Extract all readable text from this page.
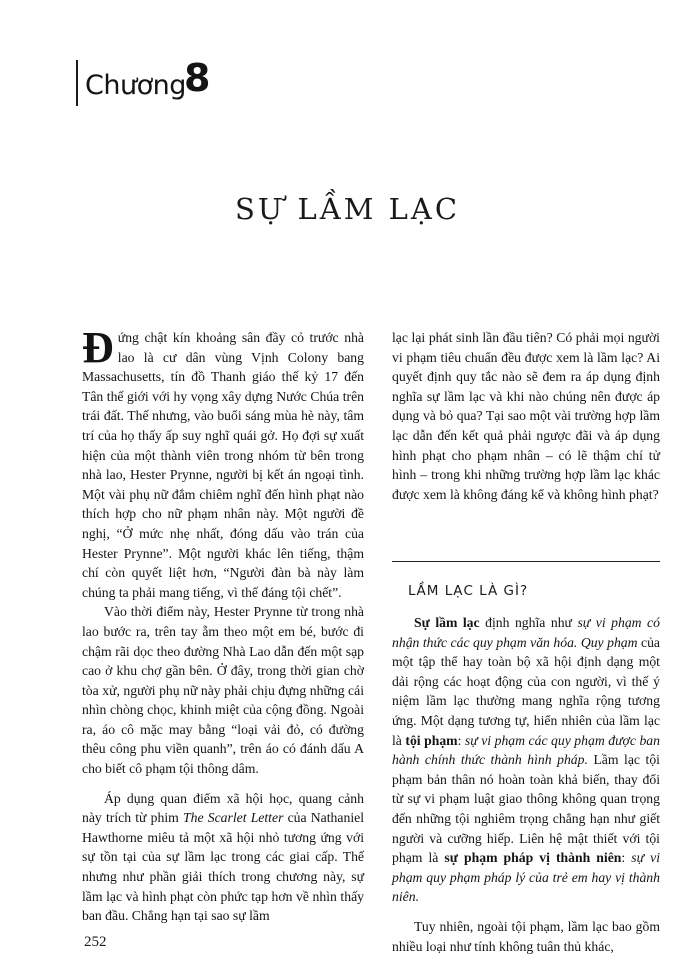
Chương
8
SỰ LẦM LẠC

Đứng chật kín khoảng sân đầy cỏ trước nhà lao là cư dân vùng Vịnh Colony bang Massachusetts, tín đồ Thanh giáo thế kỷ 17 đến Tân thế giới với hy vọng xây dựng Nước Chúa trên trái đất. Thế nhưng, vào buổi sáng mùa hè này, tâm trí của họ thấy ấp suy nghĩ quái gở. Họ đợi sự xuất hiện của một thành viên trong nhóm từ bên trong nhà lao, Hester Prynne, người bị kết án ngoại tình. Một vài phụ nữ đắm chiêm nghĩ đến hình phạt nào thích hợp cho nữ phạm nhân này. Một người đề nghị, “Ở mức nhẹ nhất, đóng dấu vào trán của Hester Prynne”. Một người khác lên tiếng, thậm chí còn quyết liệt hơn, “Người đàn bà này làm chúng ta phải mang tiếng, vì thế đáng tội chết”.

Vào thời điểm này, Hester Prynne từ trong nhà lao bước ra, trên tay ẵm theo một em bé, bước đi chậm rãi dọc theo đường Nhà Lao dẫn đến một sạp cao ở khu chợ gần bên. Ở đây, trong thời gian chờ tòa xử, người phụ nữ này phải chịu đựng những cái nhìn chòng chọc, khinh miệt của cộng đồng. Ngoài ra, áo cô mặc may bằng “loại vải đỏ, có đường thêu công phu viền quanh”, trên áo có đánh dấu A cho biết cô phạm tội thông dâm.

Áp dụng quan điểm xã hội học, quang cảnh này trích từ phim The Scarlet Letter của Nathaniel Hawthorne miêu tả một xã hội nhỏ tương ứng với sự tồn tại của sự lầm lạc trong các giai cấp. Thế nhưng như phần giải thích trong chương này, sự lầm lạc và hình phạt còn phức tạp hơn về nhìn thấy ban đầu. Chẳng hạn tại sao sự lầm

lạc lại phát sinh lần đầu tiên? Có phải mọi người vi phạm tiêu chuẩn đều được xem là lầm lạc? Ai quyết định quy tắc nào sẽ đem ra áp dụng định nghĩa sự lầm lạc và khi nào chúng nên được áp dụng và bỏ qua? Tại sao một vài trường hợp lầm lạc dẫn đến kết quả phải ngược đãi và áp dụng hình phạt cho phạm nhân – có lẽ thậm chí tử hình – trong khi những trường hợp lầm lạc khác được xem là không đáng kể và không hình phạt?

LẦM LẠC LÀ GÌ?

Sự lầm lạc định nghĩa như sự vi phạm có nhận thức các quy phạm văn hóa. Quy phạm của một tập thể hay toàn bộ xã hội định dạng một dải rộng các hoạt động của con người, vì thế ý niệm lầm lạc thường mang nghĩa rộng tương ứng. Một dạng tương tự, hiển nhiên của lầm lạc là tội phạm: sự vi phạm các quy phạm được ban hành chính thức thành hình pháp. Lầm lạc tội phạm bản thân nó hoàn toàn khả biến, thay đổi từ sự vi phạm luật giao thông không quan trọng đến những tội nghiêm trọng chẳng hạn như giết người và cưỡng hiếp. Liên hệ mật thiết với tội phạm là sự phạm pháp vị thành niên: sự vi phạm quy phạm pháp lý của trẻ em hay vị thành niên.

Tuy nhiên, ngoài tội phạm, lầm lạc bao gồm nhiều loại như tính không tuân thủ khác,

252
